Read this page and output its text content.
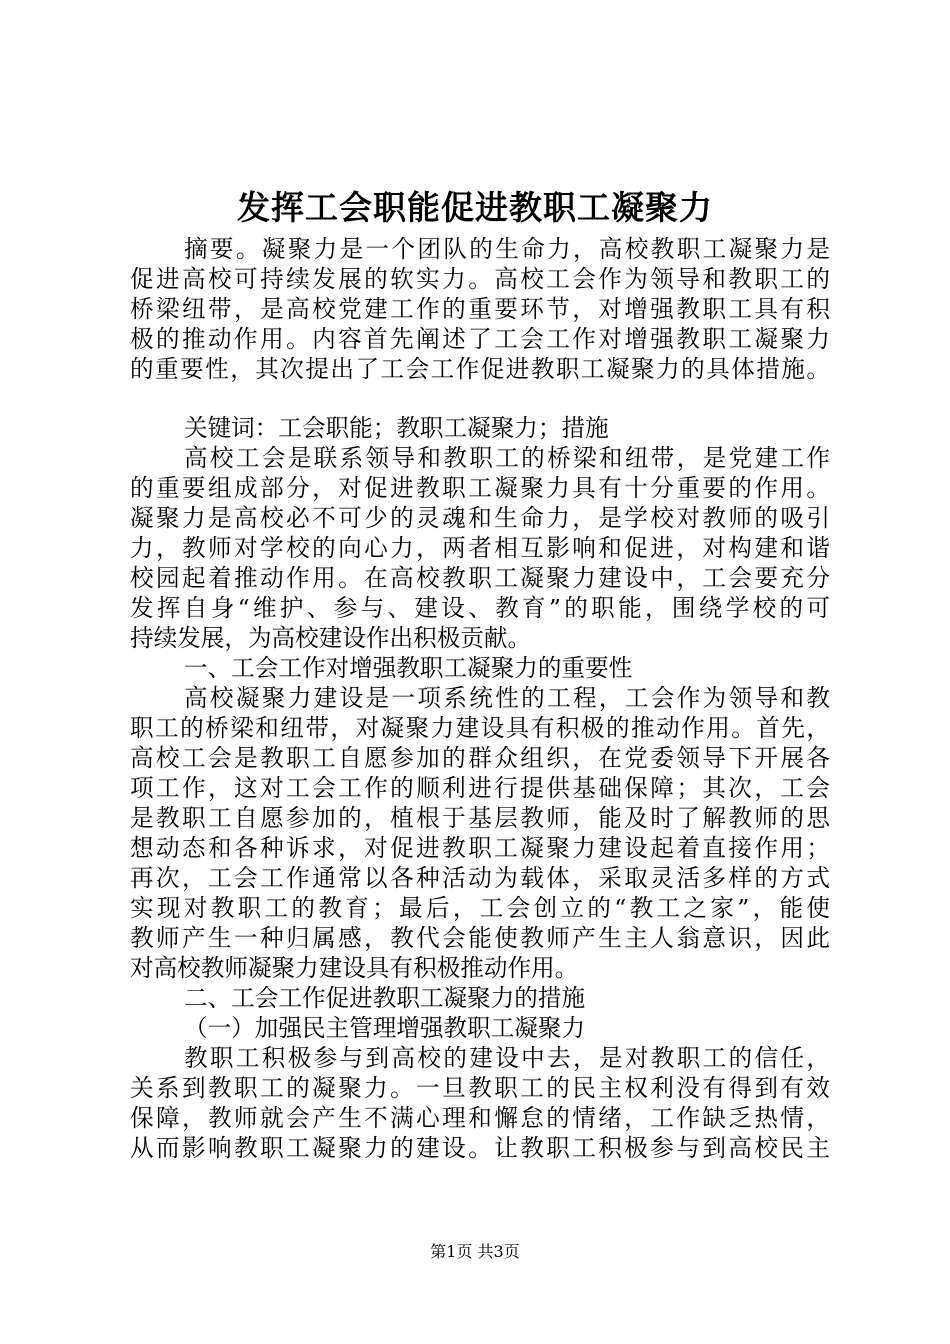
发挥工会职能促进教职工凝聚力
摘要。凝聚力是一个团队的生命力，高校教职工凝聚力是
促进高校可持续发展的软实力。高校工会作为领导和教职工的
桥梁纽带，是高校党建工作的重要环节，对增强教职工具有积
极的推动作用。内容首先阐述了工会工作对增强教职工凝聚力
的重要性，其次提出了工会工作促进教职工凝聚力的具体措施。
关键词：工会职能；教职工凝聚力；措施
高校工会是联系领导和教职工的桥梁和纽带，是党建工作
的重要组成部分，对促进教职工凝聚力具有十分重要的作用。
凝聚力是高校必不可少的灵魂和生命力，是学校对教师的吸引
力，教师对学校的向心力，两者相互影响和促进，对构建和谐
校园起着推动作用。在高校教职工凝聚力建设中，工会要充分
发挥自身“维护、参与、建设、教育”的职能，围绕学校的可
持续发展，为高校建设作出积极贡献。
一、工会工作对增强教职工凝聚力的重要性
高校凝聚力建设是一项系统性的工程，工会作为领导和教
职工的桥梁和纽带，对凝聚力建设具有积极的推动作用。首先，
高校工会是教职工自愿参加的群众组织，在党委领导下开展各
项工作，这对工会工作的顺利进行提供基础保障；其次，工会
是教职工自愿参加的，植根于基层教师，能及时了解教师的思
想动态和各种诉求，对促进教职工凝聚力建设起着直接作用；
再次，工会工作通常以各种活动为载体，采取灵活多样的方式
实现对教职工的教育；最后，工会创立的“教工之家”，能使
教师产生一种归属感，教代会能使教师产生主人翁意识，因此
对高校教师凝聚力建设具有积极推动作用。
二、工会工作促进教职工凝聚力的措施
（一）加强民主管理增强教职工凝聚力
教职工积极参与到高校的建设中去，是对教职工的信任，
关系到教职工的凝聚力。一旦教职工的民主权利没有得到有效
保障，教师就会产生不满心理和懈怠的情绪，工作缺乏热情，
从而影响教职工凝聚力的建设。让教职工积极参与到高校民主
第1页 共3页
